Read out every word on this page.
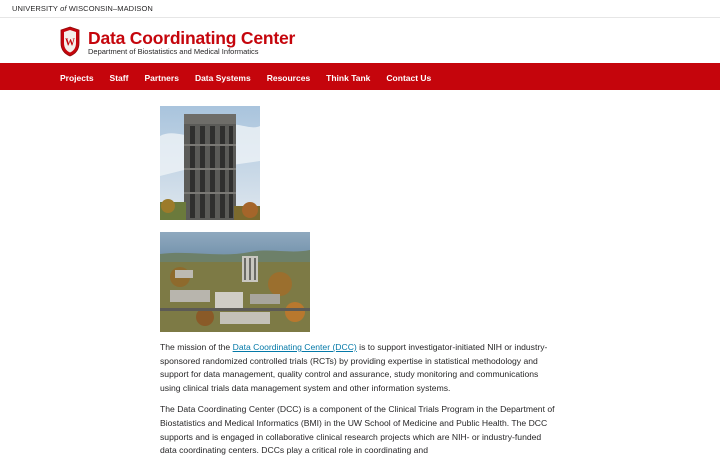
UNIVERSITY of WISCONSIN–MADISON
W Data Coordinating Center
Department of Biostatistics and Medical Informatics
Projects Staff Partners Data Systems Resources Think Tank Contact Us

The mission of the Data Coordinating Center (DCC) is to support investigator-initiated NIH or industry-sponsored randomized controlled trials (RCTs) by providing expertise in statistical methodology and support for data management, quality control and assurance, study monitoring and communications using clinical trials data management system and other information systems.

The Data Coordinating Center (DCC) is a component of the Clinical Trials Program in the Department of Biostatistics and Medical Informatics (BMI) in the UW School of Medicine and Public Health. The DCC supports and is engaged in collaborative clinical research projects which are NIH- or industry-funded data coordinating centers. DCCs play a critical role in coordinating and
